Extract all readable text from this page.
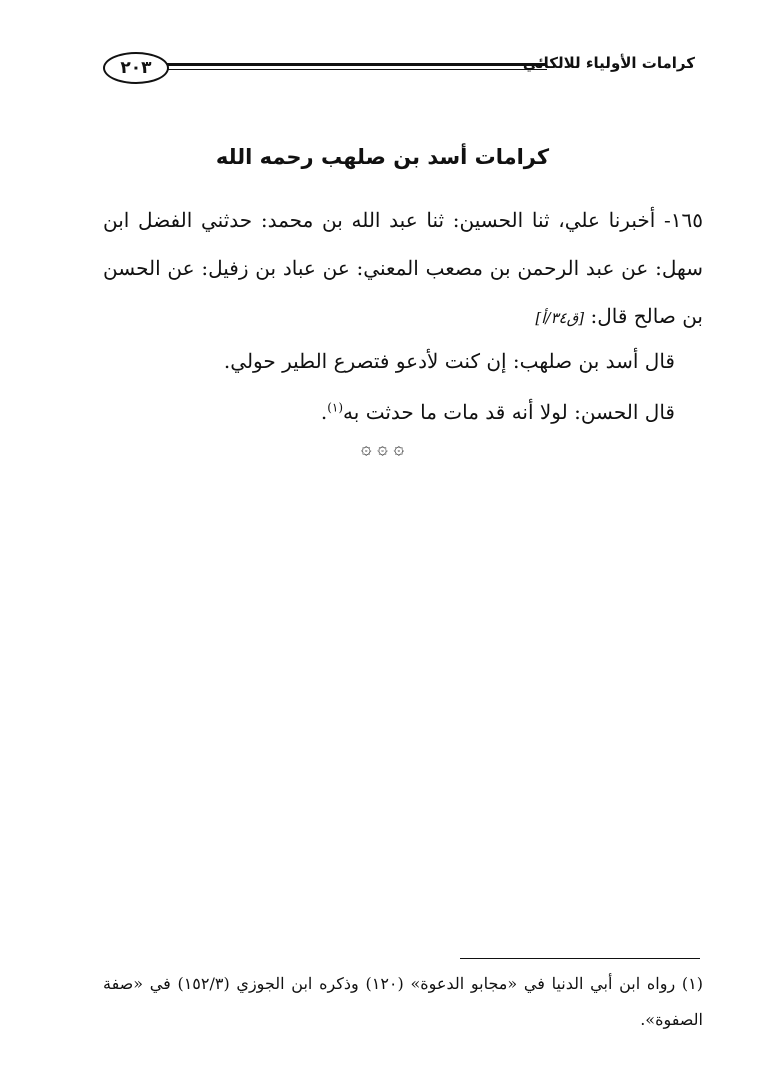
٢٠٣	كرامات الأولياء للالكائي
كرامات أسد بن صلهب رحمه الله
١٦٥- أخبرنا علي، ثنا الحسين: ثنا عبد الله بن محمد: حدثني الفضل ابن سهل: عن عبد الرحمن بن مصعب المعني: عن عباد بن زفيل: عن الحسن بن صالح قال: [ق٣٤/أ]
قال أسد بن صلهب: إن كنت لأدعو فتصرع الطير حولي.
قال الحسن: لولا أنه قد مات ما حدثت به$^{(١)}$.
۞ ۞ ۞
(١) رواه ابن أبي الدنيا في «مجابو الدعوة» (١٢٠) وذكره ابن الجوزي (١٥٢/٣) في «صفة الصفوة».
